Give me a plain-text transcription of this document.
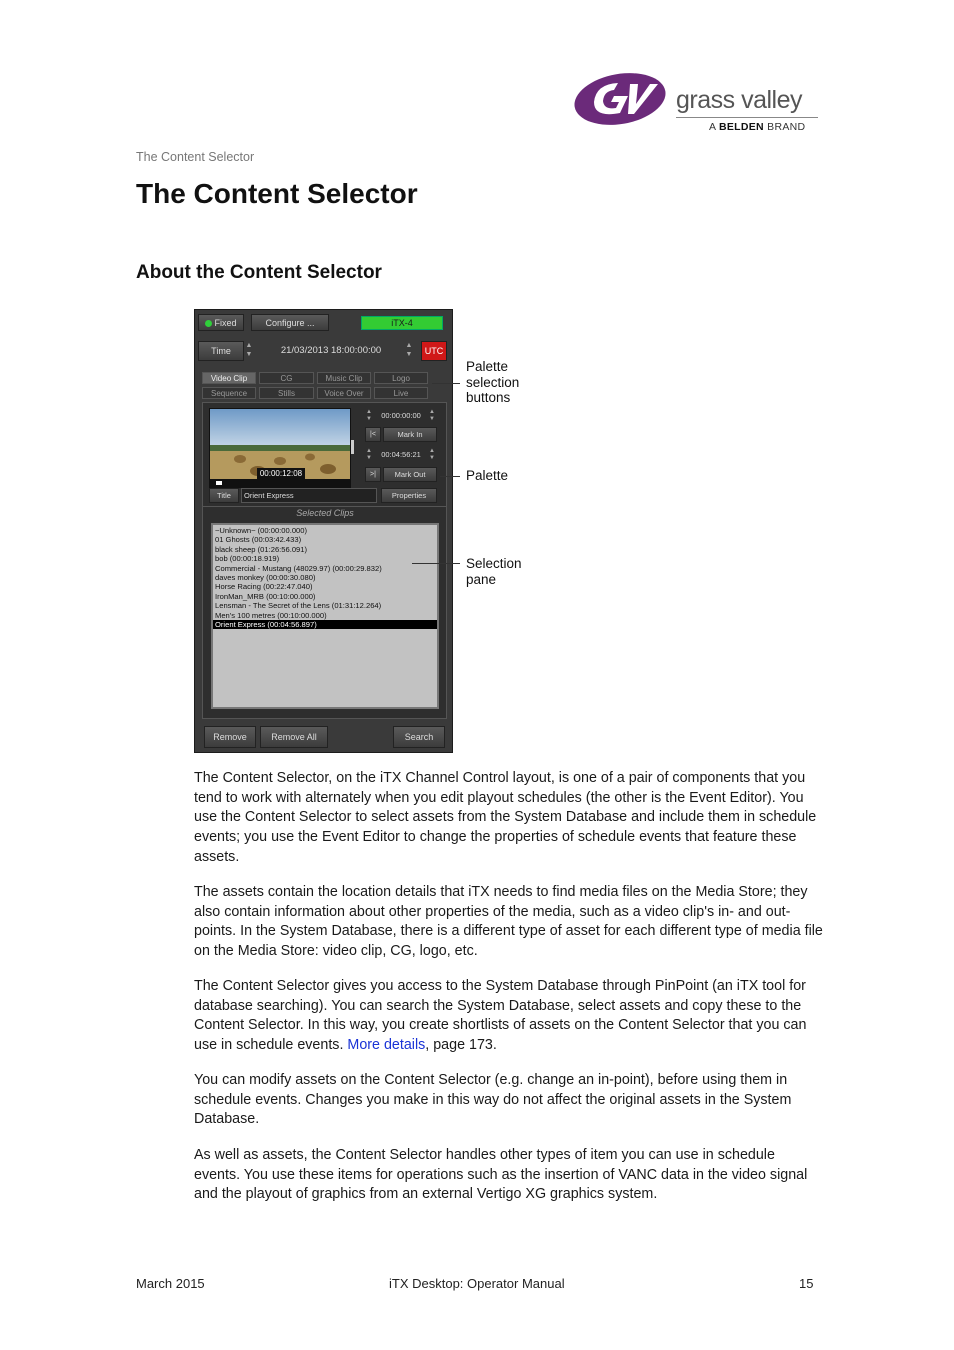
grass valley
A BELDEN BRAND
The Content Selector
The Content Selector
About the Content Selector
Fixed	Configure ...	iTX-4
Time
▲
▼	21/03/2013 18:00:00:00	▲
▼	UTC
Video Clip	CG	Music Clip	Logo
Sequence	Stills	Voice Over	Live
00:00:12:08
▲
▼	00:00:00:00	▲
▼
|<	Mark In
▲
▼	00:04:56:21	▲
▼
>|	Mark Out
Title	Orient Express	Properties
Selected Clips
~Unknown~ (00:00:00.000)
01 Ghosts (00:03:42.433)
black sheep (01:26:56.091)
bob (00:00:18.919)
Commercial - Mustang (48029.97) (00:00:29.832)
daves monkey (00:00:30.080)
Horse Racing (00:22:47.040)
IronMan_MRB (00:10:00.000)
Lensman - The Secret of the Lens (01:31:12.264)
Men's 100 metres (00:10:00.000)
Orient Express (00:04:56.897)
Remove	Remove All	Search
Palette
selection
buttons
Palette
Selection
pane
The Content Selector, on the iTX Channel Control layout, is one of a pair of components that you tend to work with alternately when you edit playout schedules (the other is the Event Editor). You use the Content Selector to select assets from the System Database and include them in schedule events; you use the Event Editor to change the properties of schedule events that feature these assets.
The assets contain the location details that iTX needs to find media files on the Media Store; they also contain information about other properties of the media, such as a video clip's in- and out-points. In the System Database, there is a different type of asset for each different type of media file on the Media Store: video clip, CG, logo, etc.
The Content Selector gives you access to the System Database through PinPoint (an iTX tool for database searching). You can search the System Database, select assets and copy these to the Content Selector. In this way, you create shortlists of assets on the Content Selector that you can use in schedule events. More details, page 173.
You can modify assets on the Content Selector (e.g. change an in-point), before using them in schedule events. Changes you make in this way do not affect the original assets in the System Database.
As well as assets, the Content Selector handles other types of item you can use in schedule events. You use these items for operations such as the insertion of VANC data in the video signal and the playout of graphics from an external Vertigo XG graphics system.
March 2015	iTX Desktop: Operator Manual	15
